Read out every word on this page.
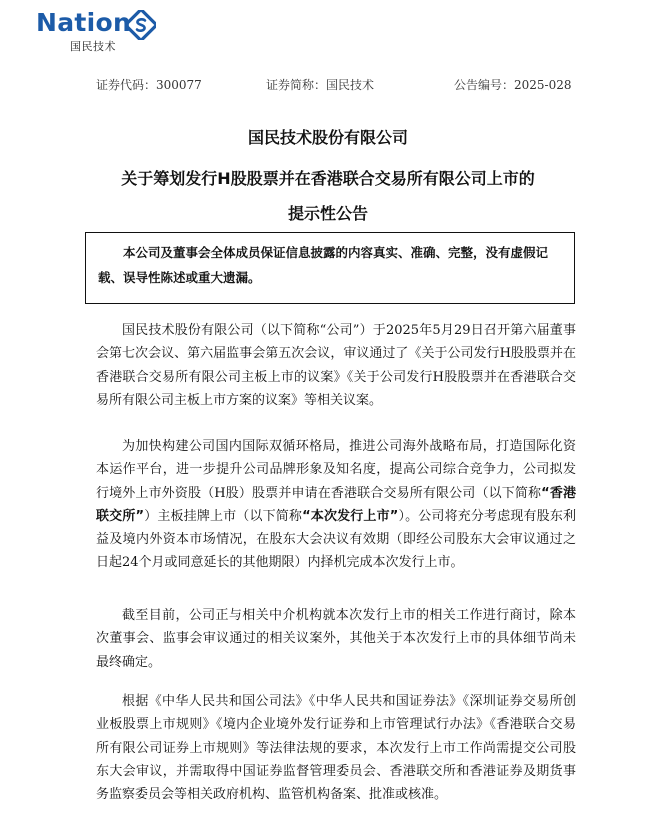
Nation
国民技术
证券代码：300077	证券简称：国民技术	公告编号：2025-028
国民技术股份有限公司
关于筹划发行H股股票并在香港联合交易所有限公司上市的
提示性公告
本公司及董事会全体成员保证信息披露的内容真实、准确、完整，没有虚假记载、误导性陈述或重大遗漏。
国民技术股份有限公司（以下简称“公司”）于2025年5月29日召开第六届董事会第七次会议、第六届监事会第五次会议，审议通过了《关于公司发行H股股票并在香港联合交易所有限公司主板上市的议案》《关于公司发行H股股票并在香港联合交易所有限公司主板上市方案的议案》等相关议案。
为加快构建公司国内国际双循环格局，推进公司海外战略布局，打造国际化资本运作平台，进一步提升公司品牌形象及知名度，提高公司综合竞争力，公司拟发行境外上市外资股（H股）股票并申请在香港联合交易所有限公司（以下简称“香港联交所”）主板挂牌上市（以下简称“本次发行上市”）。公司将充分考虑现有股东利益及境内外资本市场情况，在股东大会决议有效期（即经公司股东大会审议通过之日起24个月或同意延长的其他期限）内择机完成本次发行上市。
截至目前，公司正与相关中介机构就本次发行上市的相关工作进行商讨，除本次董事会、监事会审议通过的相关议案外，其他关于本次发行上市的具体细节尚未最终确定。
根据《中华人民共和国公司法》《中华人民共和国证券法》《深圳证券交易所创业板股票上市规则》《境内企业境外发行证券和上市管理试行办法》《香港联合交易所有限公司证券上市规则》等法律法规的要求，本次发行上市工作尚需提交公司股东大会审议，并需取得中国证券监督管理委员会、香港联交所和香港证券及期货事务监察委员会等相关政府机构、监管机构备案、批准或核准。
